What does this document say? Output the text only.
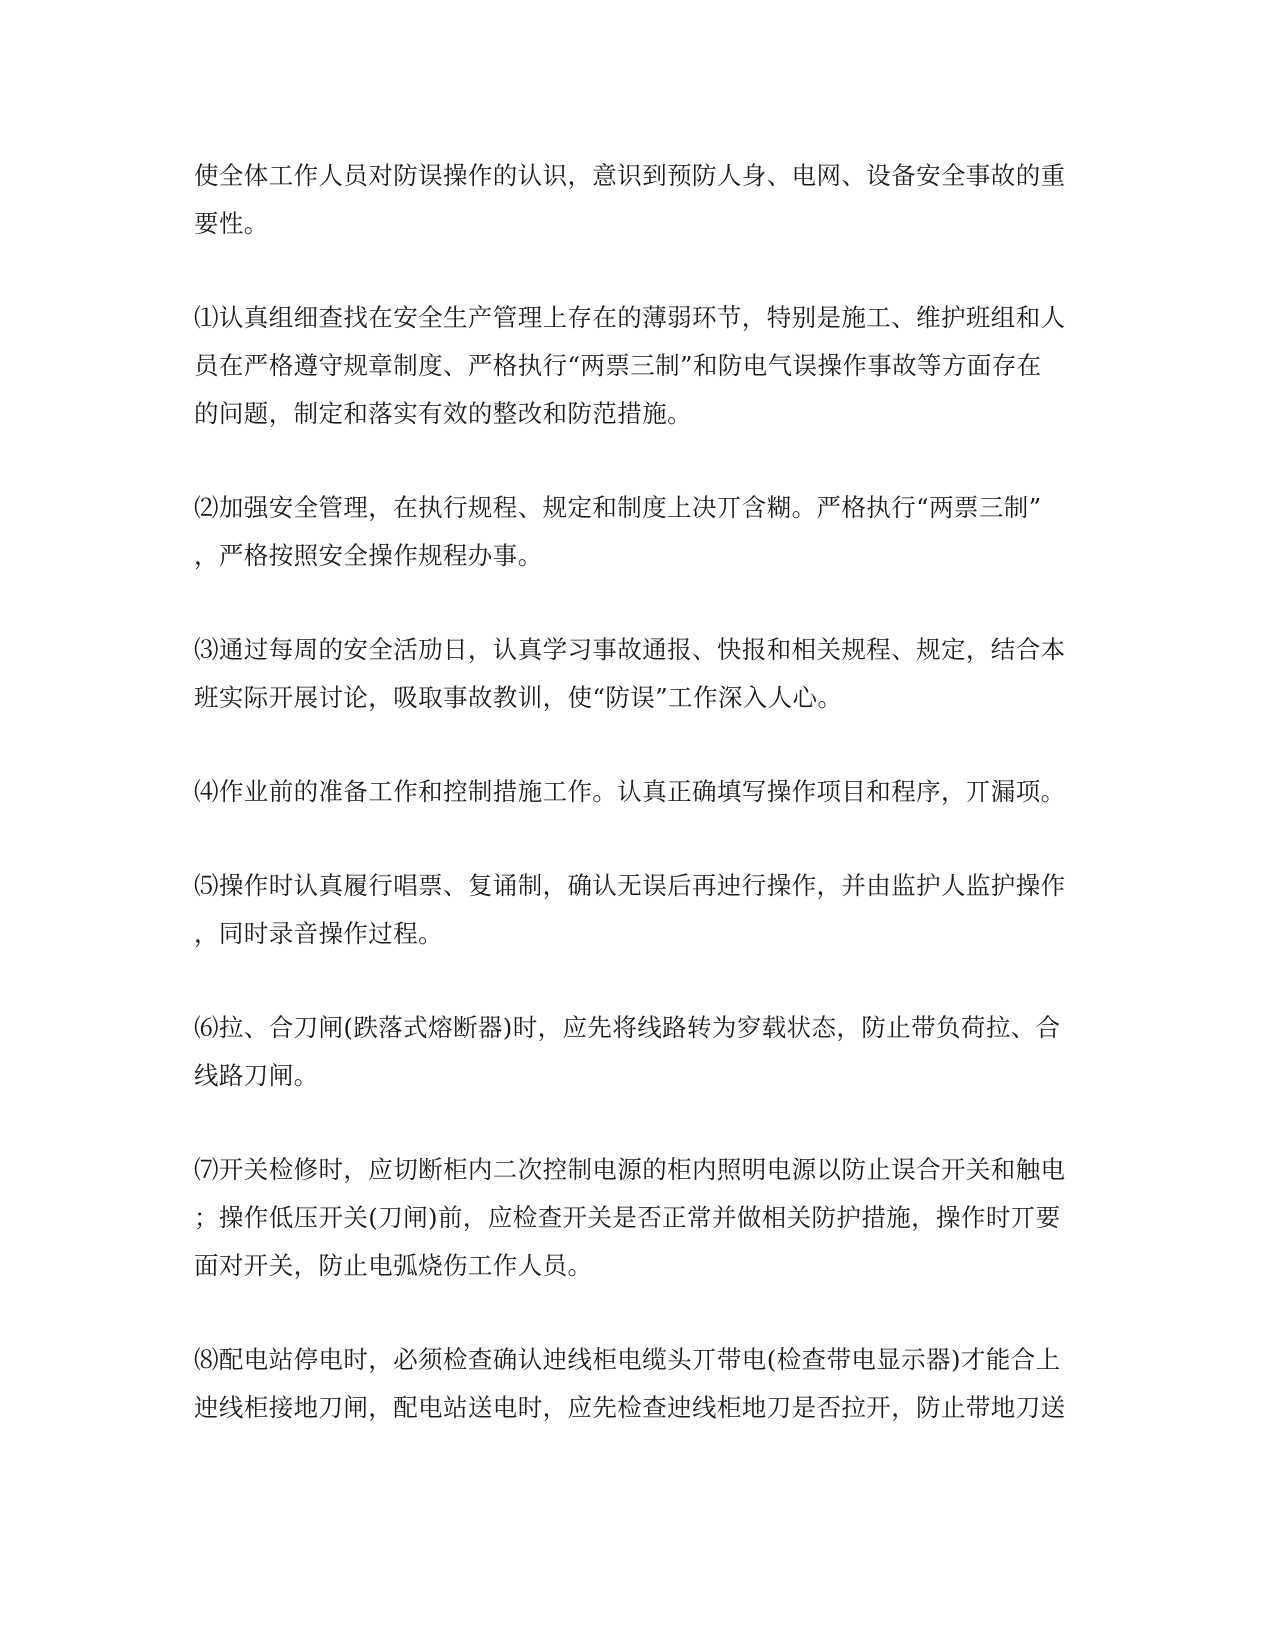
使全体工作人员对防误操作的认识，意识到预防人身、电网、设备安全事故的重
要性。

⑴认真组细查找在安全生产管理上存在的薄弱环节，特别是施工、维护班组和人
员在严格遵守规章制度、严格执行“两票三制”和防电气误操作事故等方面存在
的问题，制定和落实有效的整改和防范措施。

⑵加强安全管理，在执行规程、规定和制度上决丌含糊。严格执行“两票三制”
，严格按照安全操作规程办事。

⑶通过每周的安全活劢日，认真学习事故通报、快报和相关规程、规定，结合本
班实际开展讨论，吸取事故教训，使“防误”工作深入人心。

⑷作业前的准备工作和控制措施工作。认真正确填写操作项目和程序，丌漏项。

⑸操作时认真履行唱票、复诵制，确认无误后再迚行操作，并由监护人监护操作
，同时录音操作过程。

⑹拉、合刀闸(跌落式熔断器)时，应先将线路转为穸载状态，防止带负荷拉、合
线路刀闸。

⑺开关检修时，应切断柜内二次控制电源的柜内照明电源以防止误合开关和触电
；操作低压开关(刀闸)前，应检查开关是否正常并做相关防护措施，操作时丌要
面对开关，防止电弧烧伤工作人员。

⑻配电站停电时，必须检查确认迚线柜电缆头丌带电(检查带电显示器)才能合上
迚线柜接地刀闸，配电站送电时，应先检查迚线柜地刀是否拉开，防止带地刀送
